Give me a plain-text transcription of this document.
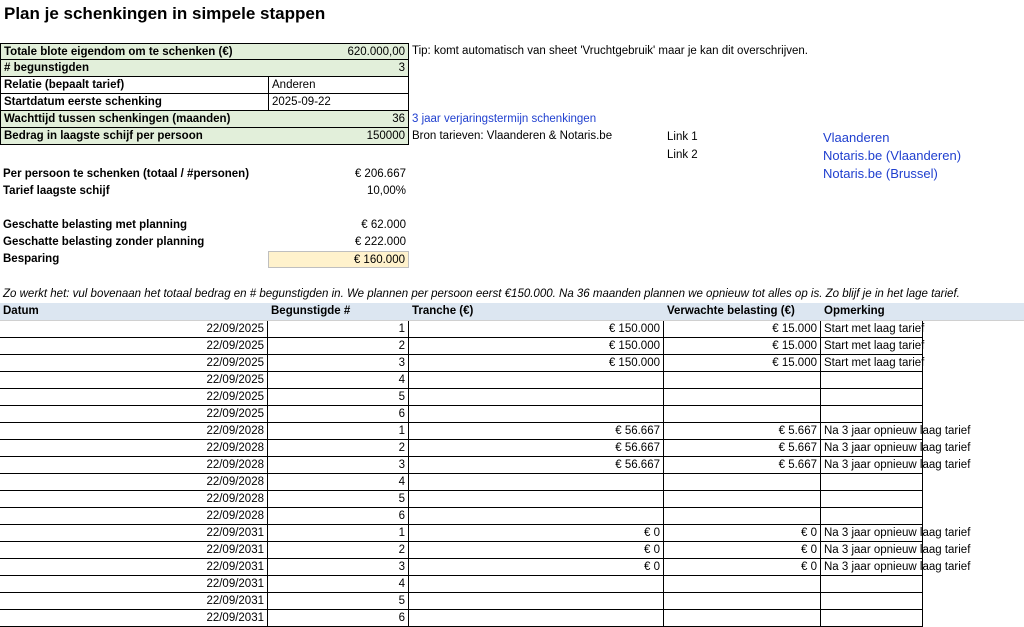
Plan je schenkingen in simpele stappen
Totale blote eigendom om te schenken (€)	620.000,00 Tip: komt automatisch van sheet 'Vruchtgebruik' maar je kan dit overschrijven.
# begunstigden	3
Relatie (bepaalt tarief)	Anderen
Startdatum eerste schenking	2025-09-22
Wachttijd tussen schenkingen (maanden)	36 3 jaar verjaringstermijn schenkingen
Bedrag in laagste schijf per persoon	150000 Bron tarieven: Vlaanderen & Notaris.be	Link 1	Vlaanderen
Link 2	Notaris.be (Vlaanderen)
Notaris.be (Brussel)
Per persoon te schenken (totaal / #personen)	€ 206.667
Tarief laagste schijf	10,00%
Geschatte belasting met planning	€ 62.000
Geschatte belasting zonder planning	€ 222.000
Besparing	€ 160.000
Zo werkt het: vul bovenaan het totaal bedrag en # begunstigden in. We plannen per persoon eerst €150.000. Na 36 maanden plannen we opnieuw tot alles op is. Zo blijf je in het lage tarief.
Datum	Begunstigde #	Tranche (€)	Verwachte belasting (€)	Opmerking
22/09/2025	1	€ 150.000	€ 15.000 Start met laag tarief
22/09/2025	2	€ 150.000	€ 15.000 Start met laag tarief
22/09/2025	3	€ 150.000	€ 15.000 Start met laag tarief
22/09/2025	4
22/09/2025	5
22/09/2025	6
22/09/2028	1	€ 56.667	€ 5.667 Na 3 jaar opnieuw laag tarief
22/09/2028	2	€ 56.667	€ 5.667 Na 3 jaar opnieuw laag tarief
22/09/2028	3	€ 56.667	€ 5.667 Na 3 jaar opnieuw laag tarief
22/09/2028	4
22/09/2028	5
22/09/2028	6
22/09/2031	1	€ 0	€ 0 Na 3 jaar opnieuw laag tarief
22/09/2031	2	€ 0	€ 0 Na 3 jaar opnieuw laag tarief
22/09/2031	3	€ 0	€ 0 Na 3 jaar opnieuw laag tarief
22/09/2031	4
22/09/2031	5
22/09/2031	6
